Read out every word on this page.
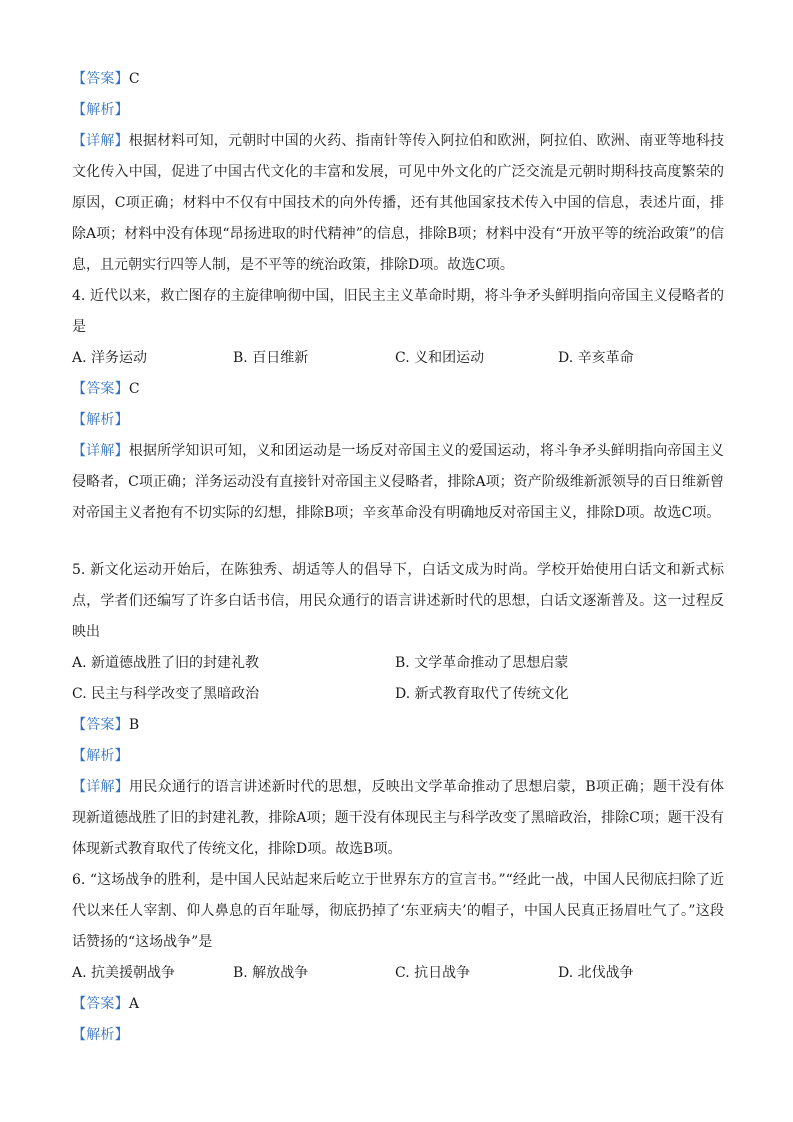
【答案】C
【解析】
【详解】根据材料可知，元朝时中国的火药、指南针等传入阿拉伯和欧洲，阿拉伯、欧洲、南亚等地科技文化传入中国，促进了中国古代文化的丰富和发展，可见中外文化的广泛交流是元朝时期科技高度繁荣的原因，C项正确；材料中不仅有中国技术的向外传播，还有其他国家技术传入中国的信息，表述片面，排除A项；材料中没有体现“昂扬进取的时代精神”的信息，排除B项；材料中没有“开放平等的统治政策”的信息，且元朝实行四等人制，是不平等的统治政策，排除D项。故选C项。
4. 近代以来，救亡图存的主旋律响彻中国，旧民主主义革命时期，将斗争矛头鲜明指向帝国主义侵略者的是
A. 洋务运动	B. 百日维新	C. 义和团运动	D. 辛亥革命
【答案】C
【解析】
【详解】根据所学知识可知，义和团运动是一场反对帝国主义的爱国运动，将斗争矛头鲜明指向帝国主义侵略者，C项正确；洋务运动没有直接针对帝国主义侵略者，排除A项；资产阶级维新派领导的百日维新曾对帝国主义者抱有不切实际的幻想，排除B项；辛亥革命没有明确地反对帝国主义，排除D项。故选C项。
5. 新文化运动开始后，在陈独秀、胡适等人的倡导下，白话文成为时尚。学校开始使用白话文和新式标点，学者们还编写了许多白话书信，用民众通行的语言讲述新时代的思想，白话文逐渐普及。这一过程反映出
A. 新道德战胜了旧的封建礼教	B. 文学革命推动了思想启蒙
C. 民主与科学改变了黑暗政治	D. 新式教育取代了传统文化
【答案】B
【解析】
【详解】用民众通行的语言讲述新时代的思想，反映出文学革命推动了思想启蒙，B项正确；题干没有体现新道德战胜了旧的封建礼教，排除A项；题干没有体现民主与科学改变了黑暗政治，排除C项；题干没有体现新式教育取代了传统文化，排除D项。故选B项。
6. “这场战争的胜利，是中国人民站起来后屹立于世界东方的宣言书。”“经此一战，中国人民彻底扫除了近代以来任人宰割、仰人鼻息的百年耻辱，彻底扔掉了‘东亚病夫’的帽子，中国人民真正扬眉吐气了。”这段话赞扬的“这场战争”是
A. 抗美援朝战争	B. 解放战争	C. 抗日战争	D. 北伐战争
【答案】A
【解析】
